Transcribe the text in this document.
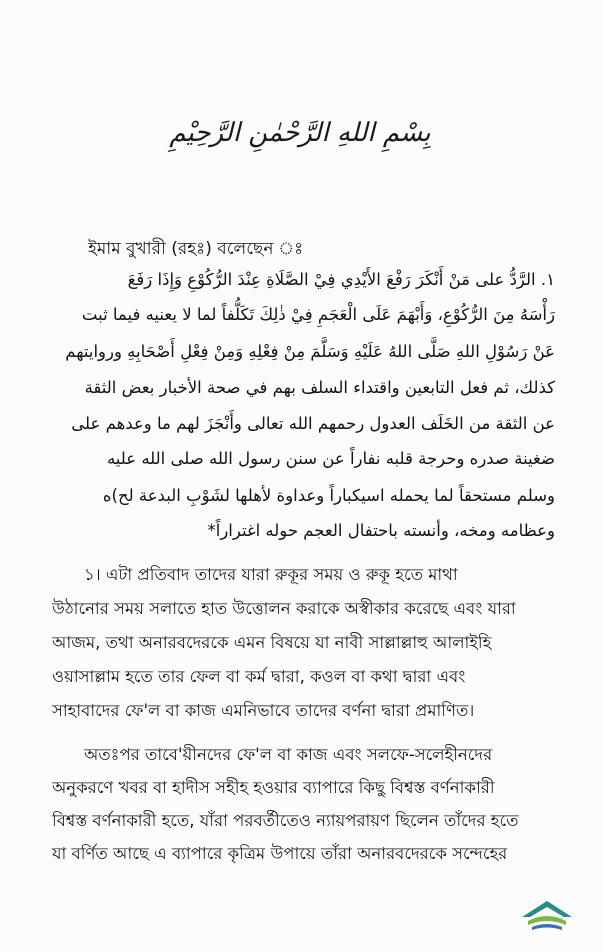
بِسْمِ اللهِ الرَّحْمٰنِ الرَّحِيْمِ
ইমাম বুখারী (রহঃ) বলেছেন ঃ
١. الرَّدُّ على مَنْ أَنْكَرَ رَفْعَ الأَيْدِي فِيْ الصَّلَاةِ عِنْدَ الرُّكُوْعِ وَإِذَا رَفَعَ
رَأْسَهُ مِنَ الرُّكُوْعِ، وَأَبْهَمَ عَلَى الْعَجَمِ فِيْ ذٰلِكَ تَكَلُّفاً لما لا يعنيه فيما ثبت
عَنْ رَسُوْلِ اللهِ صَلَّى اللهُ عَلَيْهِ وَسَلَّمَ مِنْ فِعْلِهِ وَمِنْ فِعْلِ أَصْحَابِهِ وروايتهم
كذلك، ثم فعل التابعين واقتداء السلف بهم في صحة الأخبار بعض الثقة
عن الثقة من الخَلَف العدول رحمهم الله تعالى وأَنْجَزَ لهم ما وعدهم على
ضغينة صدره وحرجة قلبه نفاراً عن سنن رسول الله صلى الله عليه
وسلم مستحقاً لما يحمله اسيكباراً وعداوة لأهلها لشَوْبِ البدعة لح)ه
وعظامه ومخه، وأنسته باحتفال العجم حوله اغتراراً*
১। এটা প্রতিবাদ তাদের যারা রুকূর সময় ও রুকূ হতে মাথা
উঠানোর সময় সলাতে হাত উত্তোলন করাকে অস্বীকার করেছে এবং যারা
আজম, তথা অনারবদেরকে এমন বিষয়ে যা নাবী সাল্লাল্লাহু আলাইহি
ওয়াসাল্লাম হতে তার ফেল বা কর্ম দ্বারা, কওল বা কথা দ্বারা এবং
সাহাবাদের ফে'ল বা কাজ এমনিভাবে তাদের বর্ণনা দ্বারা প্রমাণিত।
অতঃপর তাবে'য়ীনদের ফে'ল বা কাজ এবং সলফে-সলেহীনদের
অনুকরণে খবর বা হাদীস সহীহ হওয়ার ব্যাপারে কিছু বিশ্বস্ত বর্ণনাকারী
বিশ্বস্ত বর্ণনাকারী হতে, যাঁরা পরবর্তীতেও ন্যায়পরায়ণ ছিলেন তাঁদের হতে
যা বর্ণিত আছে এ ব্যাপারে কৃত্রিম উপায়ে তাঁরা অনারবদেরকে সন্দেহের
